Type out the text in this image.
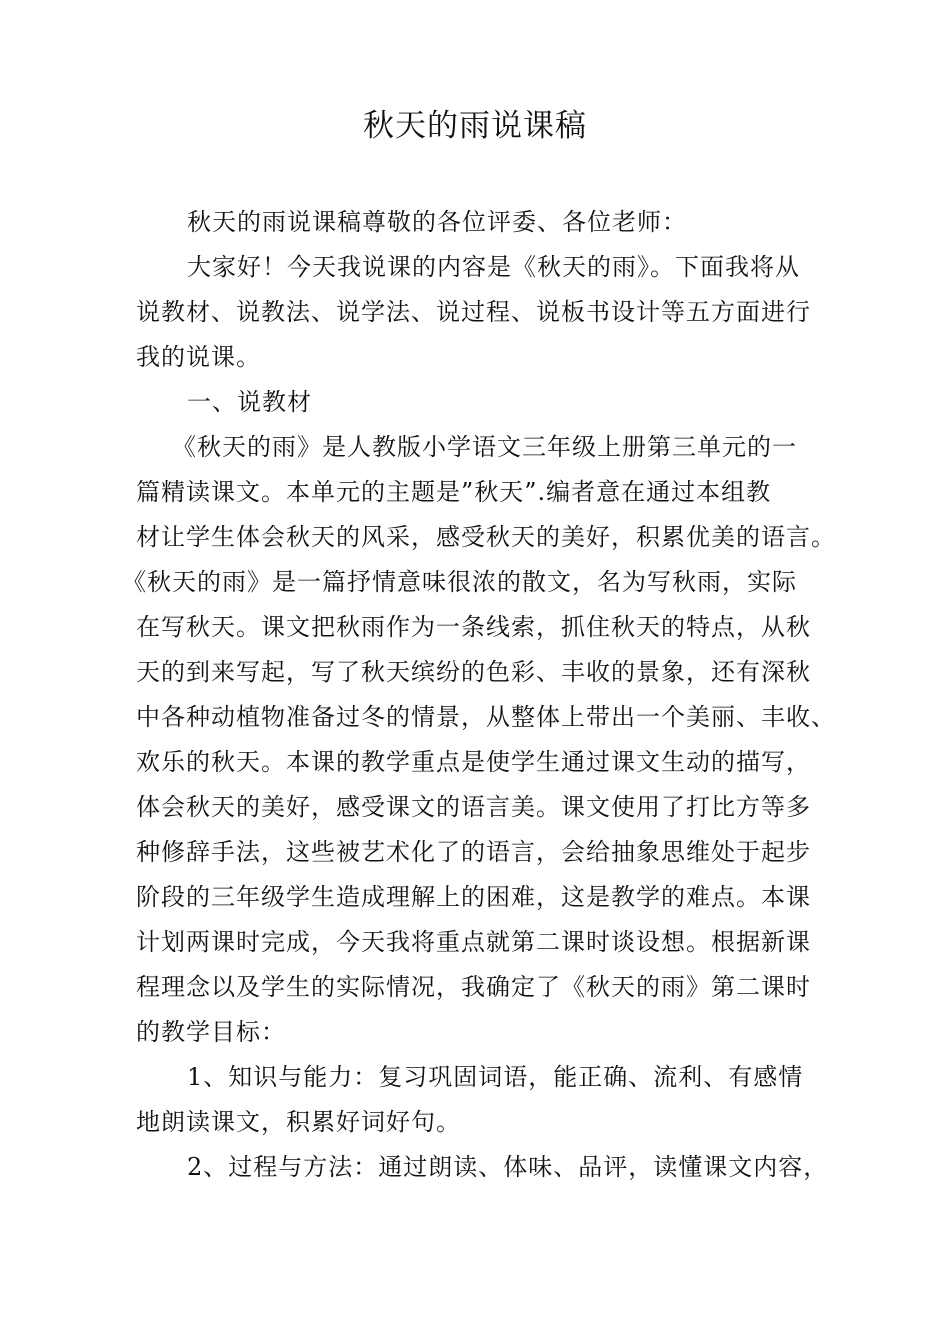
秋天的雨说课稿
秋天的雨说课稿尊敬的各位评委、各位老师：
大家好！今天我说课的内容是《秋天的雨》。下面我将从
说教材、说教法、说学法、说过程、说板书设计等五方面进行
我的说课。
一、说教材
《秋天的雨》是人教版小学语文三年级上册第三单元的一
篇精读课文。本单元的主题是”秋天”.编者意在通过本组教
材让学生体会秋天的风采，感受秋天的美好，积累优美的语言。
《秋天的雨》是一篇抒情意味很浓的散文，名为写秋雨，实际
在写秋天。课文把秋雨作为一条线索，抓住秋天的特点，从秋
天的到来写起，写了秋天缤纷的色彩、丰收的景象，还有深秋
中各种动植物准备过冬的情景，从整体上带出一个美丽、丰收、
欢乐的秋天。本课的教学重点是使学生通过课文生动的描写，
体会秋天的美好，感受课文的语言美。课文使用了打比方等多
种修辞手法，这些被艺术化了的语言，会给抽象思维处于起步
阶段的三年级学生造成理解上的困难，这是教学的难点。本课
计划两课时完成，今天我将重点就第二课时谈设想。根据新课
程理念以及学生的实际情况，我确定了《秋天的雨》第二课时
的教学目标：
1、知识与能力：复习巩固词语，能正确、流利、有感情
地朗读课文，积累好词好句。
2、过程与方法：通过朗读、体味、品评，读懂课文内容，
